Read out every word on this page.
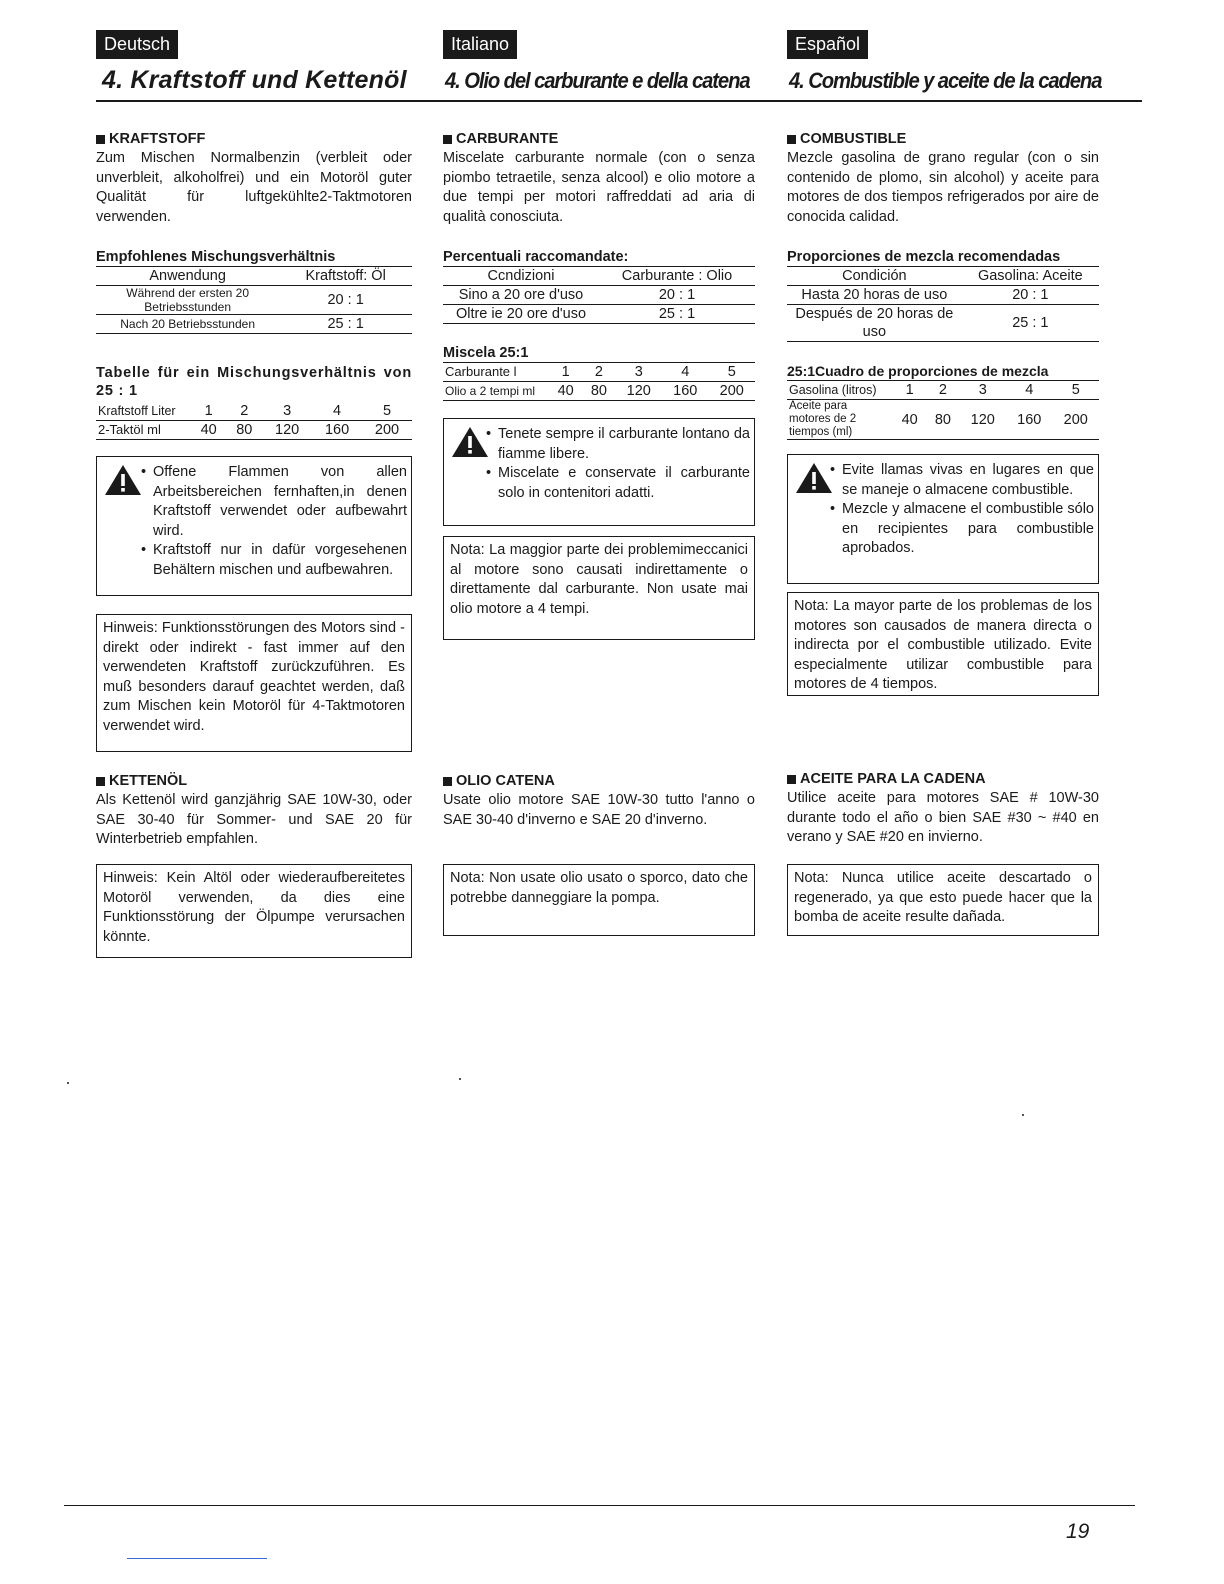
Deutsch	Italiano	Español
4. Kraftstoff und Kettenöl 4. Olio del carburante e della catena 4. Combustible y aceite de la cadena
KRAFTSTOFF
Zum Mischen Normalbenzin (verbleit oder unverbleit, alkoholfrei) und ein Motoröl guter Qualität für luftgekühlte2-Taktmotoren verwenden.
Empfohlenes Mischungsverhältnis
Anwendung	Kraftstoff: Öl
Während der ersten 20 Betriebsstunden	20 : 1
Nach 20 Betriebsstunden	25 : 1
Tabelle für ein Mischungsverhältnis von 25 : 1
Kraftstoff Liter	1	2	3	4	5
2-Taktöl ml	40	80	120	160	200
• Offene Flammen von allen Arbeitsbereichen fernhaften,in denen Kraftstoff verwendet oder aufbewahrt wird.
• Kraftstoff nur in dafür vorgesehenen Behältern mischen und aufbewahren.
Hinweis: Funktionsstörungen des Motors sind - direkt oder indirekt - fast immer auf den verwendeten Kraftstoff zurückzuführen. Es muß besonders darauf geachtet werden, daß zum Mischen kein Motoröl für 4-Taktmotoren verwendet wird.
KETTENÖL
Als Kettenöl wird ganzjährig SAE 10W-30, oder SAE 30-40 für Sommer- und SAE 20 für Winterbetrieb empfahlen.
Hinweis: Kein Altöl oder wiederaufbereitetes Motoröl verwenden, da dies eine Funktionsstörung der Ölpumpe verursachen könnte.
CARBURANTE
Miscelate carburante normale (con o senza piombo tetraetile, senza alcool) e olio motore a due tempi per motori raffreddati ad aria di qualità conosciuta.
Percentuali raccomandate:
Ccndizioni	Carburante : Olio
Sino a 20 ore d'uso	20 : 1
Oltre ie 20 ore d'uso	25 : 1
Miscela 25:1
Carburante l	1	2	3	4	5
Olio a 2 tempi ml	40	80	120	160	200
• Tenete sempre il carburante lontano da fiamme libere.
• Miscelate e conservate il carburante solo in contenitori adatti.
Nota: La maggior parte dei problemimeccanici al motore sono causati indirettamente o direttamente dal carburante. Non usate mai olio motore a 4 tempi.
OLIO CATENA
Usate olio motore SAE 10W-30 tutto l'anno o SAE 30-40 d'inverno e SAE 20 d'inverno.
Nota: Non usate olio usato o sporco, dato che potrebbe danneggiare la pompa.
COMBUSTIBLE
Mezcle gasolina de grano regular (con o sin contenido de plomo, sin alcohol) y aceite para motores de dos tiempos refrigerados por aire de conocida calidad.
Proporciones de mezcla recomendadas
Condición	Gasolina: Aceite
Hasta 20 horas de uso	20 : 1
Después de 20 horas de uso	25 : 1
25:1Cuadro de proporciones de mezcla
Gasolina (litros)	1	2	3	4	5
Aceite para motores de 2 tiempos (ml)	40	80	120	160	200
• Evite llamas vivas en lugares en que se maneje o almacene combustible.
• Mezcle y almacene el combustible sólo en recipientes para combustible aprobados.
Nota: La mayor parte de los problemas de los motores son causados de manera directa o indirecta por el combustible utilizado. Evite especialmente utilizar combustible para motores de 4 tiempos.
ACEITE PARA LA CADENA
Utilice aceite para motores SAE # 10W-30 durante todo el año o bien SAE #30 ~ #40 en verano y SAE #20 en invierno.
Nota: Nunca utilice aceite descartado o regenerado, ya que esto puede hacer que la bomba de aceite resulte dañada.
19
